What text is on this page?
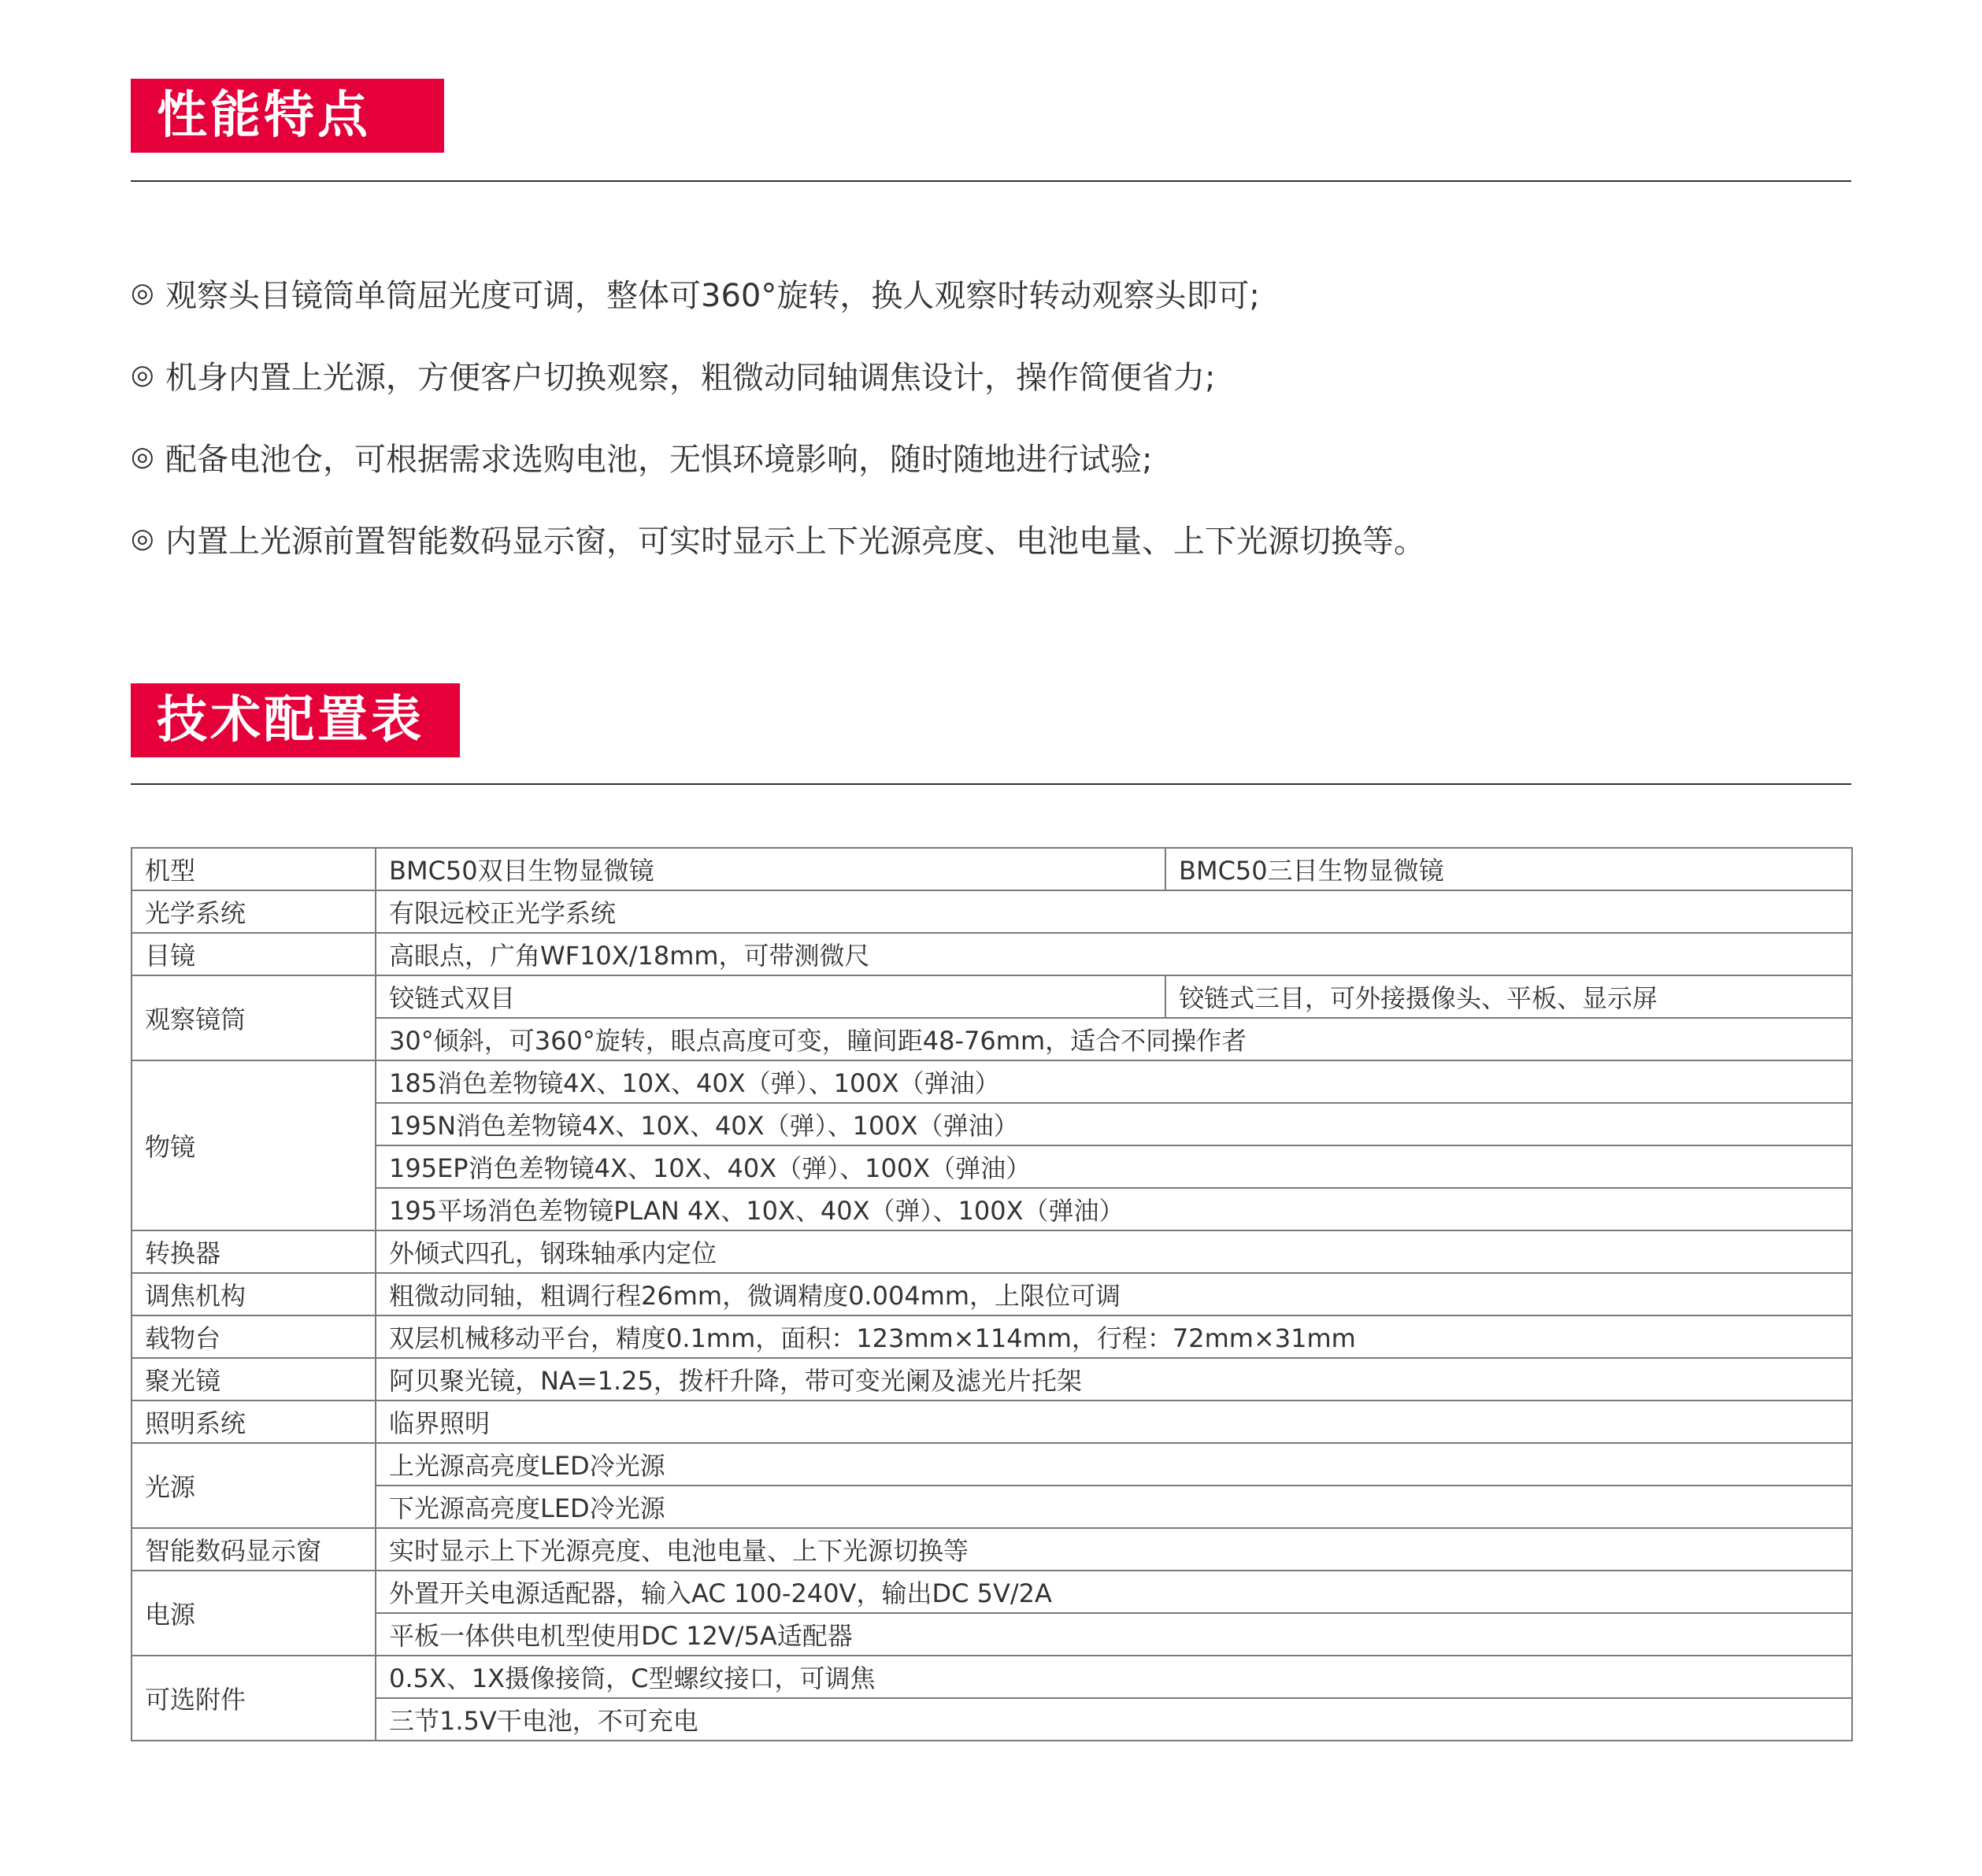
性能特点
◎ 观察头目镜筒单筒屈光度可调，整体可360°旋转，换人观察时转动观察头即可;
◎ 机身内置上光源，方便客户切换观察，粗微动同轴调焦设计，操作简便省力;
◎ 配备电池仓，可根据需求选购电池，无惧环境影响，随时随地进行试验;
◎ 内置上光源前置智能数码显示窗，可实时显示上下光源亮度、电池电量、上下光源切换等。
技术配置表
机型	BMC50双目生物显微镜	BMC50三目生物显微镜
光学系统	有限远校正光学系统	
目镜	高眼点，广角WF10X/18mm，可带测微尺	
观察镜筒	铰链式双目	铰链式三目，可外接摄像头、平板、显示屏
	30°倾斜，可360°旋转，眼点高度可变，瞳间距48-76mm，适合不同操作者	
物镜	185消色差物镜4X、10X、40X（弹）、100X（弹油）	
	195N消色差物镜4X、10X、40X（弹）、100X（弹油）	
	195EP消色差物镜4X、10X、40X（弹）、100X（弹油）	
	195平场消色差物镜PLAN 4X、10X、40X（弹）、100X（弹油）	
转换器	外倾式四孔，钢珠轴承内定位	
调焦机构	粗微动同轴，粗调行程26mm，微调精度0.004mm，上限位可调	
载物台	双层机械移动平台，精度0.1mm，面积：123mm×114mm，行程：72mm×31mm	
聚光镜	阿贝聚光镜，NA=1.25，拨杆升降，带可变光阑及滤光片托架	
照明系统	临界照明	
光源	上光源高亮度LED冷光源	
	下光源高亮度LED冷光源	
智能数码显示窗	实时显示上下光源亮度、电池电量、上下光源切换等	
电源	外置开关电源适配器，输入AC 100-240V，输出DC 5V/2A	
	平板一体供电机型使用DC 12V/5A适配器	
可选附件	0.5X、1X摄像接筒，C型螺纹接口，可调焦	
	三节1.5V干电池，不可充电	
